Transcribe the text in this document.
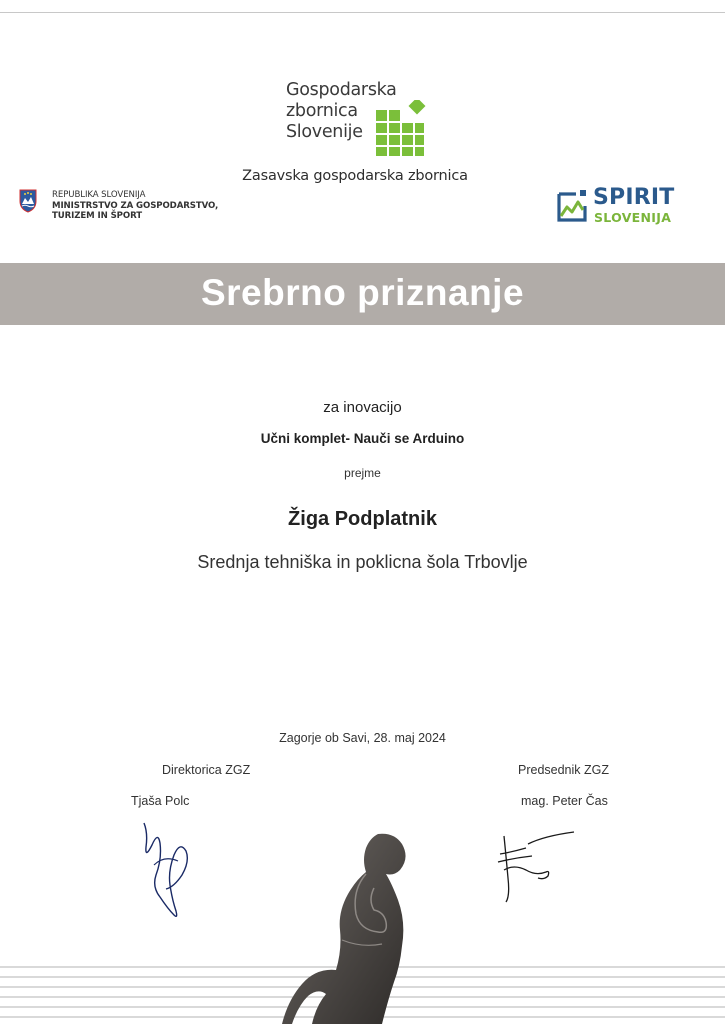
Gospodarska
zbornica
Slovenije
Zasavska gospodarska zbornica
REPUBLIKA SLOVENIJA
MINISTRSTVO ZA GOSPODARSTVO,
TURIZEM IN ŠPORT
SPIRIT
SLOVENIJA
Srebrno priznanje
za inovacijo
Učni komplet- Nauči se Arduino
prejme
Žiga Podplatnik
Srednja tehniška in poklicna šola Trbovlje
Zagorje ob Savi, 28. maj 2024
Direktorica ZGZ
Tjaša Polc
Predsednik ZGZ
mag. Peter Čas
